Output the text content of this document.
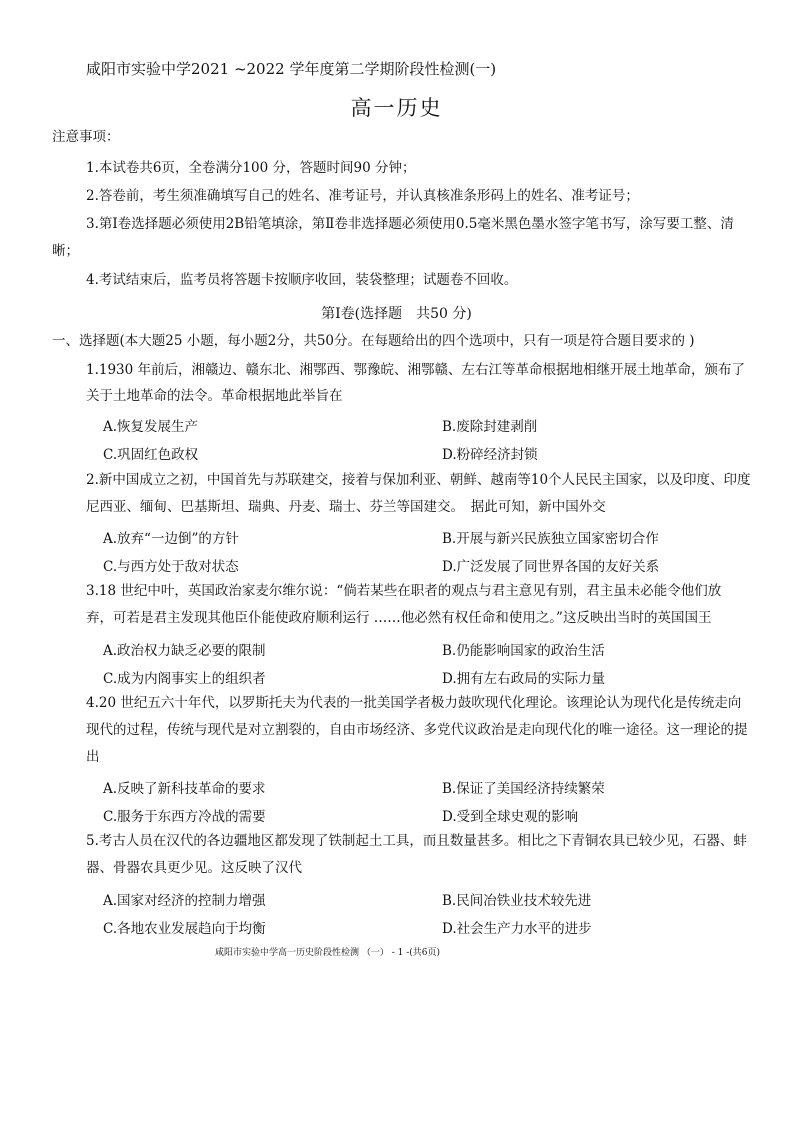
咸阳市实验中学2021 ~2022 学年度第二学期阶段性检测(一)
高一历史
注意事项：
1.本试卷共6页，全卷满分100 分，答题时间90 分钟；
2.答卷前，考生须准确填写自己的姓名、准考证号，并认真核准条形码上的姓名、准考证号；
3.第Ⅰ卷选择题必须使用2B铅笔填涂，第Ⅱ卷非选择题必须使用0.5毫米黑色墨水签字笔书写，涂写要工整、清
晰；
4.考试结束后，监考员将答题卡按顺序收回，装袋整理；试题卷不回收。
第Ⅰ卷(选择题　共50 分)
一、选择题(本大题25 小题，每小题2分，共50分。在每题给出的四个选项中，只有一项是符合题目要求的 )
1.1930 年前后，湘赣边、赣东北、湘鄂西、鄂豫皖、湘鄂赣、左右江等革命根据地相继开展土地革命，颁布了
关于土地革命的法令。革命根据地此举旨在
A.恢复发展生产	B.废除封建剥削
C.巩固红色政权	D.粉碎经济封锁
2.新中国成立之初，中国首先与苏联建交，接着与保加利亚、朝鲜、越南等10个人民民主国家，以及印度、印度
尼西亚、缅甸、巴基斯坦、瑞典、丹麦、瑞士、芬兰等国建交。　据此可知，新中国外交
A.放弃“一边倒”的方针	B.开展与新兴民族独立国家密切合作
C.与西方处于敌对状态	D.广泛发展了同世界各国的友好关系
3.18 世纪中叶，英国政治家麦尔维尔说：“倘若某些在职者的观点与君主意见有别，君主虽未必能令他们放
弃，可若是君主发现其他臣仆能使政府顺利运行 ……他必然有权任命和使用之。”这反映出当时的英国国王
A.政治权力缺乏必要的限制	B.仍能影响国家的政治生活
C.成为内阁事实上的组织者	D.拥有左右政局的实际力量
4.20 世纪五六十年代，以罗斯托夫为代表的一批美国学者极力鼓吹现代化理论。该理论认为现代化是传统走向
现代的过程，传统与现代是对立割裂的，自由市场经济、多党代议政治是走向现代化的唯一途径。这一理论的提
出
A.反映了新科技革命的要求	B.保证了美国经济持续繁荣
C.服务于东西方冷战的需要	D.受到全球史观的影响
5.考古人员在汉代的各边疆地区都发现了铁制起土工具，而且数量甚多。相比之下青铜农具已较少见，石器、蚌
器、骨器农具更少见。这反映了汉代
A.国家对经济的控制力增强	B.民间冶铁业技术较先进
C.各地农业发展趋向于均衡	D.社会生产力水平的进步
咸阳市实验中学高一历史阶段性检测 （一） - 1 -(共6页)
